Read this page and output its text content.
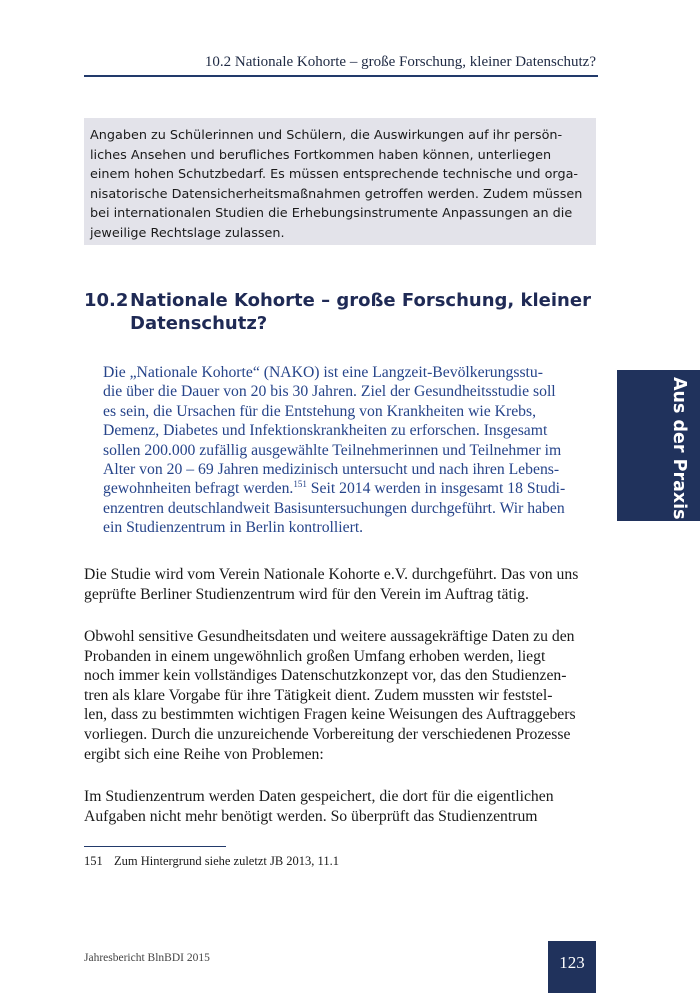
10.2 Nationale Kohorte – große Forschung, kleiner Datenschutz?
Angaben zu Schülerinnen und Schülern, die Auswirkungen auf ihr persön-
liches Ansehen und berufliches Fortkommen haben können, unterliegen
einem hohen Schutzbedarf. Es müssen entsprechende technische und orga-
nisatorische Datensicherheitsmaßnahmen getroffen werden. Zudem müssen
bei internationalen Studien die Erhebungsinstrumente Anpassungen an die
jeweilige Rechtslage zulassen.
10.2Nationale Kohorte – große Forschung, kleiner
Datenschutz?
Die „Nationale Kohorte“ (NAKO) ist eine Langzeit-Bevölkerungsstu-
die über die Dauer von 20 bis 30 Jahren. Ziel der Gesundheitsstudie soll
es sein, die Ursachen für die Entstehung von Krankheiten wie Krebs,
Demenz, Diabetes und Infektionskrankheiten zu erforschen. Insgesamt
sollen 200.000 zufällig ausgewählte Teilnehmerinnen und Teilnehmer im
Alter von 20 – 69 Jahren medizinisch untersucht und nach ihren Lebens-
gewohnheiten befragt werden.$^{151}$ Seit 2014 werden in insgesamt 18 Studi-
enzentren deutschlandweit Basisuntersuchungen durchgeführt. Wir haben
ein Studienzentrum in Berlin kontrolliert.
Die Studie wird vom Verein Nationale Kohorte e.V. durchgeführt. Das von uns
geprüfte Berliner Studienzentrum wird für den Verein im Auftrag tätig.
Obwohl sensitive Gesundheitsdaten und weitere aussagekräftige Daten zu den
Probanden in einem ungewöhnlich großen Umfang erhoben werden, liegt
noch immer kein vollständiges Datenschutzkonzept vor, das den Studienzen-
tren als klare Vorgabe für ihre Tätigkeit dient. Zudem mussten wir feststel-
len, dass zu bestimmten wichtigen Fragen keine Weisungen des Auftraggebers
vorliegen. Durch die unzureichende Vorbereitung der verschiedenen Prozesse
ergibt sich eine Reihe von Problemen:
Im Studienzentrum werden Daten gespeichert, die dort für die eigentlichen
Aufgaben nicht mehr benötigt werden. So überprüft das Studienzentrum
151 Zum Hintergrund siehe zuletzt JB 2013, 11.1
Jahresbericht BlnBDI 2015	123
Aus der Praxis
